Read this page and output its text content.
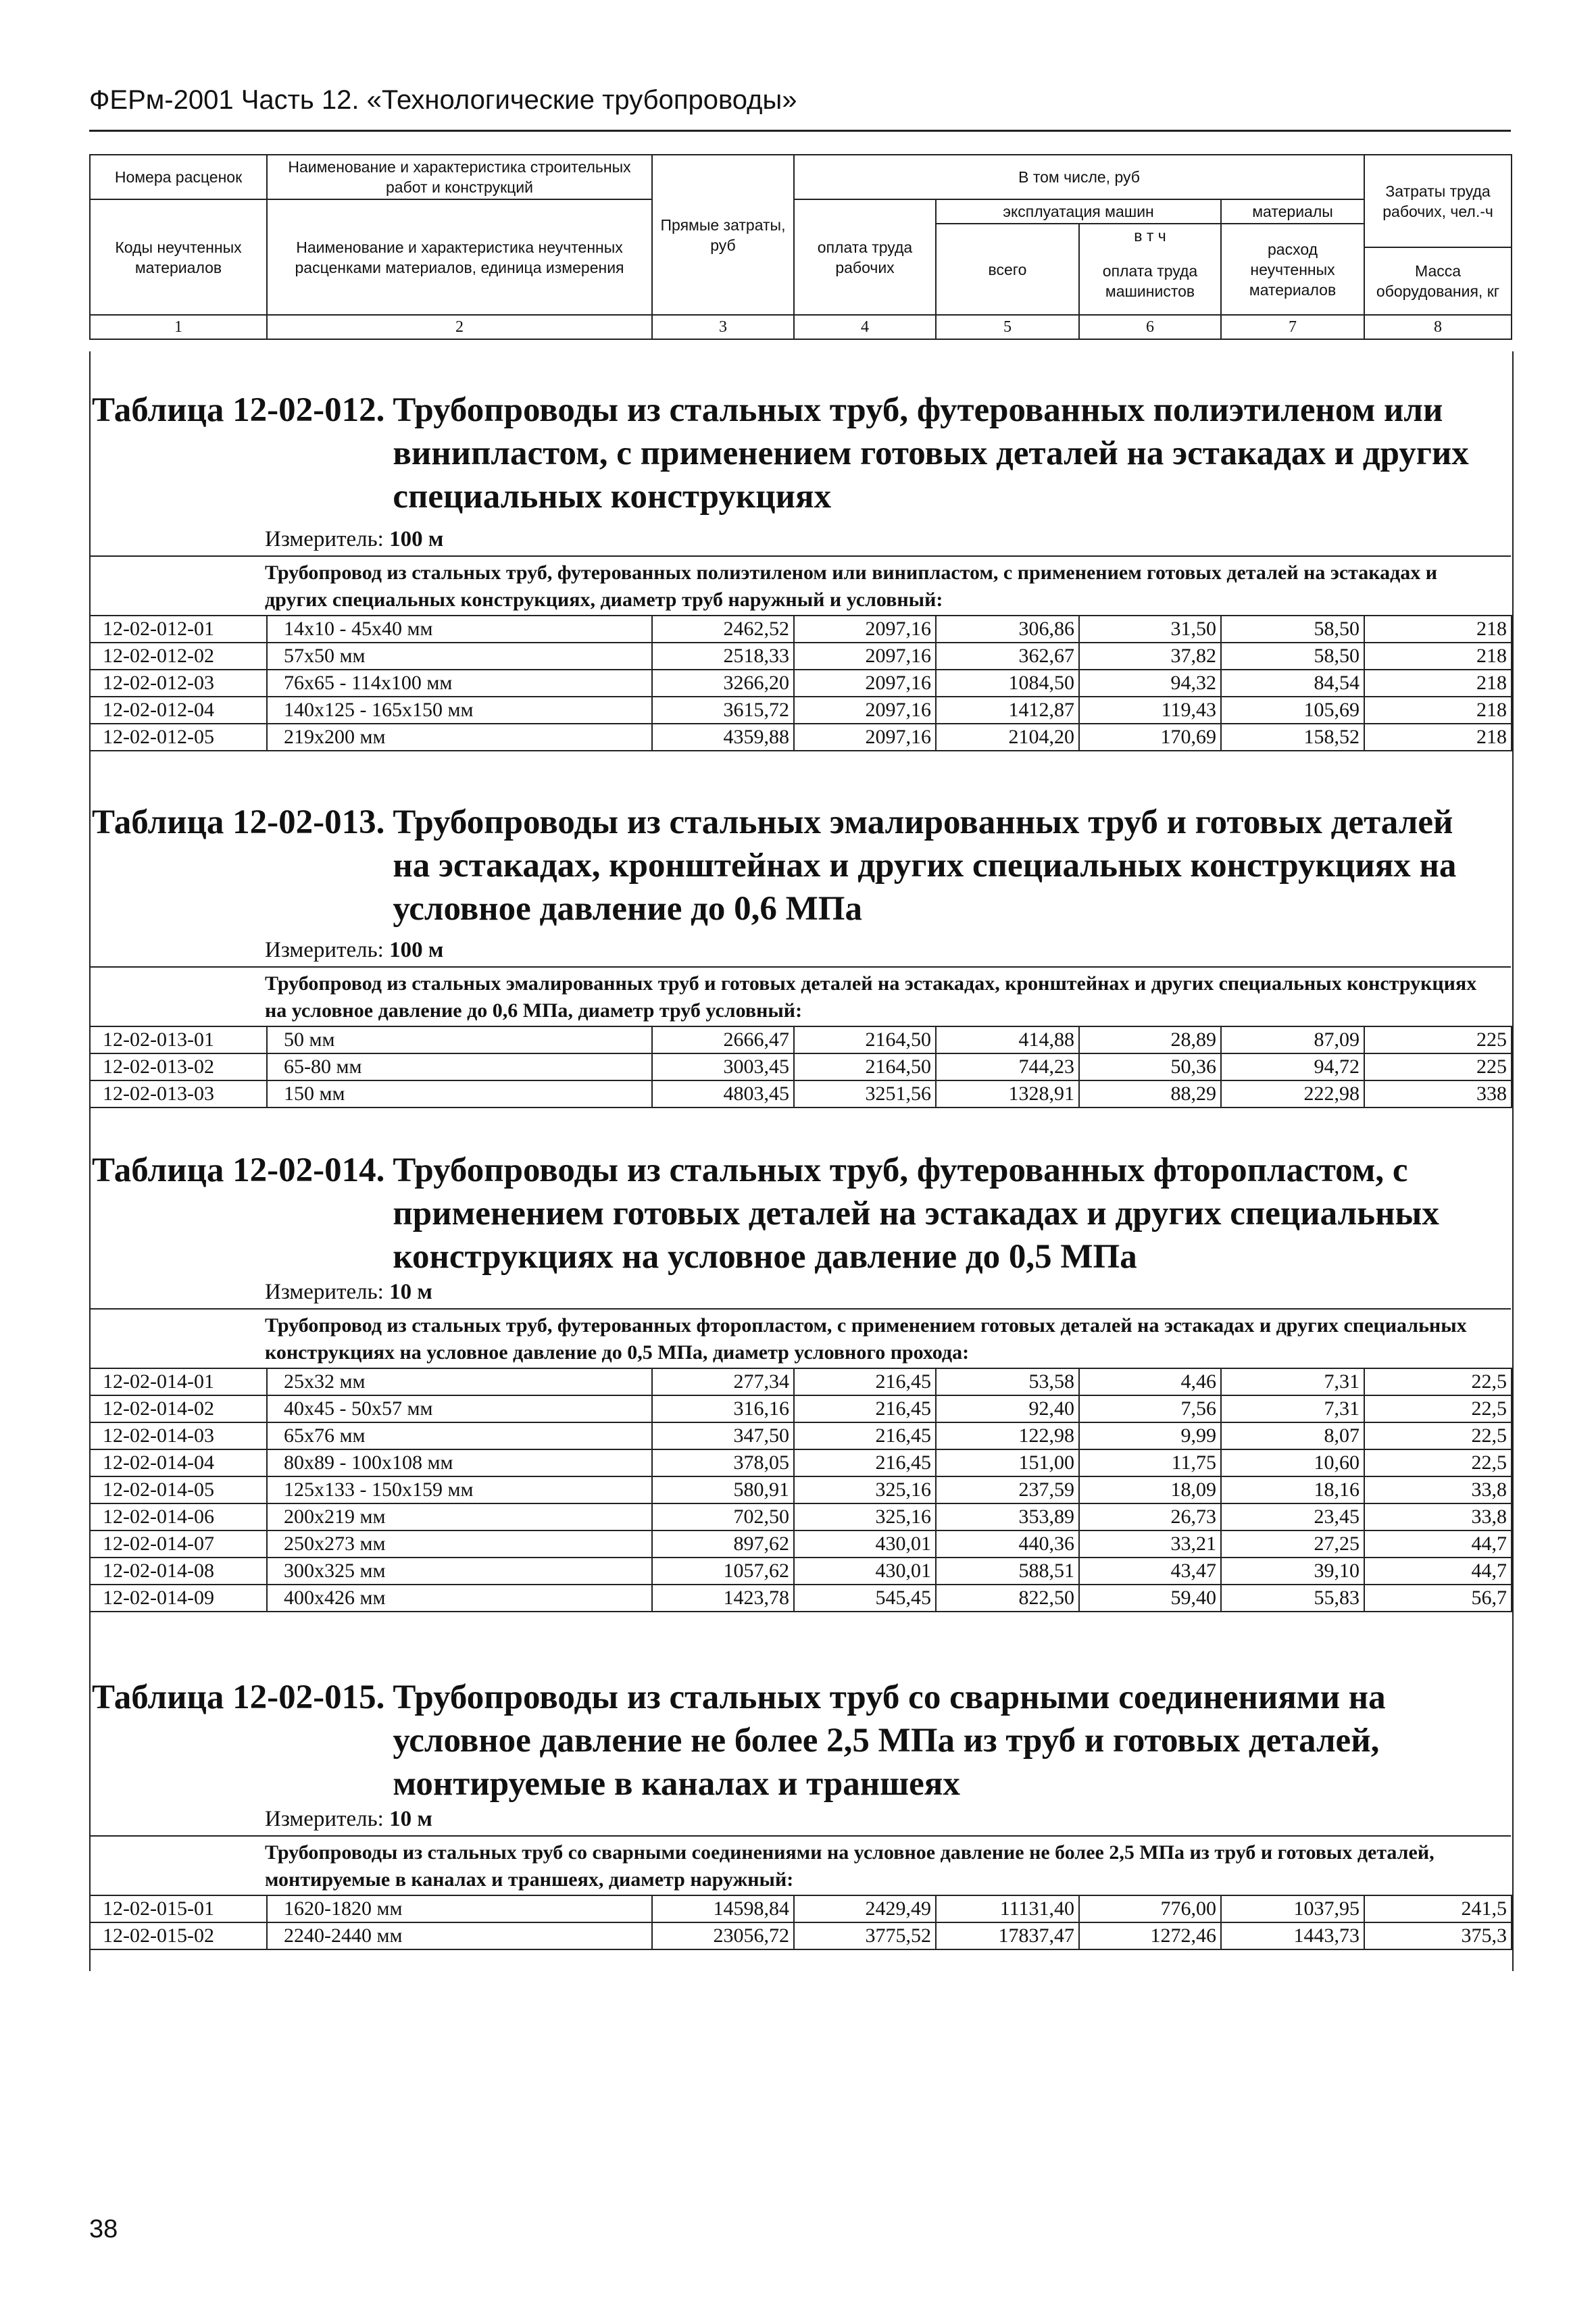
ФЕРм-2001 Часть 12. «Технологические трубопроводы»
Номера расценок	Наименование и характеристика строительных работ и конструкций	Прямые затраты, руб	В том числе, руб				Затраты труда рабочих, чел.-ч
Коды неучтенных материалов	Наименование и характеристика неучтенных расценками материалов, единица измерения		оплата труда рабочих	эксплуатация машин		материалы	
				всего	в т ч	расход неучтенных материалов	
					оплата труда машинистов		Масса оборудования, кг
1	2	3	4	5	6	7	8
Таблица 12-02-012. Трубопроводы из стальных труб, футерованных полиэтиленом или винипластом, с применением готовых деталей на эстакадах и других специальных конструкциях
Измеритель: 100 м
Трубопровод из стальных труб, футерованных полиэтиленом или винипластом, с применением готовых деталей на эстакадах и других специальных конструкциях, диаметр труб наружный и условный:
12-02-012-01	14x10 - 45x40 мм	2462,52	2097,16	306,86	31,50	58,50	218
12-02-012-02	57x50 мм	2518,33	2097,16	362,67	37,82	58,50	218
12-02-012-03	76x65 - 114x100 мм	3266,20	2097,16	1084,50	94,32	84,54	218
12-02-012-04	140x125 - 165x150 мм	3615,72	2097,16	1412,87	119,43	105,69	218
12-02-012-05	219x200 мм	4359,88	2097,16	2104,20	170,69	158,52	218
Таблица 12-02-013. Трубопроводы из стальных эмалированных труб и готовых деталей на эстакадах, кронштейнах и других специальных конструкциях на условное давление до 0,6 МПа
Измеритель: 100 м
Трубопровод из стальных эмалированных труб и готовых деталей на эстакадах, кронштейнах и других специальных конструкциях на условное давление до 0,6 МПа, диаметр труб условный:
12-02-013-01	50 мм	2666,47	2164,50	414,88	28,89	87,09	225
12-02-013-02	65-80 мм	3003,45	2164,50	744,23	50,36	94,72	225
12-02-013-03	150 мм	4803,45	3251,56	1328,91	88,29	222,98	338
Таблица 12-02-014. Трубопроводы из стальных труб, футерованных фторопластом, с применением готовых деталей на эстакадах и других специальных конструкциях на условное давление до 0,5 МПа
Измеритель: 10 м
Трубопровод из стальных труб, футерованных фторопластом, с применением готовых деталей на эстакадах и других специальных конструкциях на условное давление до 0,5 МПа, диаметр условного прохода:
12-02-014-01	25x32 мм	277,34	216,45	53,58	4,46	7,31	22,5
12-02-014-02	40x45 - 50x57 мм	316,16	216,45	92,40	7,56	7,31	22,5
12-02-014-03	65x76 мм	347,50	216,45	122,98	9,99	8,07	22,5
12-02-014-04	80x89 - 100x108 мм	378,05	216,45	151,00	11,75	10,60	22,5
12-02-014-05	125x133 - 150x159 мм	580,91	325,16	237,59	18,09	18,16	33,8
12-02-014-06	200x219 мм	702,50	325,16	353,89	26,73	23,45	33,8
12-02-014-07	250x273 мм	897,62	430,01	440,36	33,21	27,25	44,7
12-02-014-08	300x325 мм	1057,62	430,01	588,51	43,47	39,10	44,7
12-02-014-09	400x426 мм	1423,78	545,45	822,50	59,40	55,83	56,7
Таблица 12-02-015. Трубопроводы из стальных труб со сварными соединениями на условное давление не более 2,5 МПа из труб и готовых деталей, монтируемые в каналах и траншеях
Измеритель: 10 м
Трубопроводы из стальных труб со сварными соединениями на условное давление не более 2,5 МПа из труб и готовых деталей, монтируемые в каналах и траншеях, диаметр наружный:
12-02-015-01	1620-1820 мм	14598,84	2429,49	11131,40	776,00	1037,95	241,5
12-02-015-02	2240-2440 мм	23056,72	3775,52	17837,47	1272,46	1443,73	375,3
38
